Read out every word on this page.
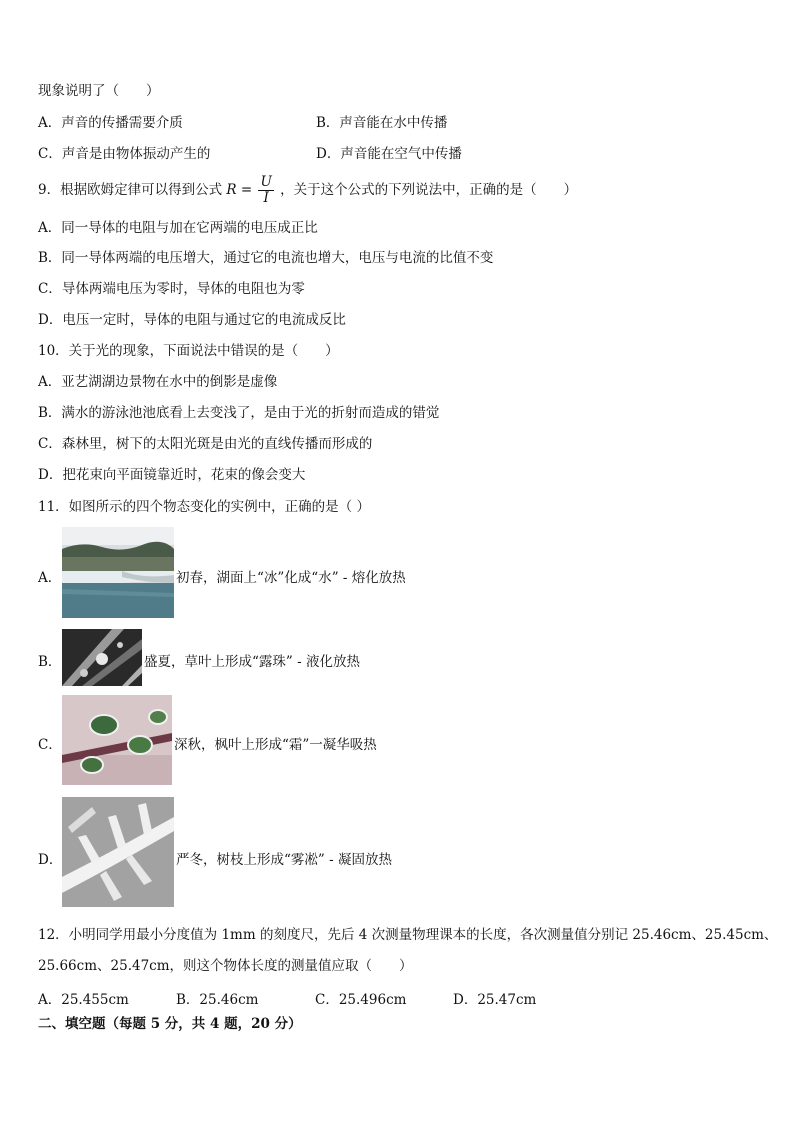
现象说明了（　　）
A．声音的传播需要介质	B．声音能在水中传播
C．声音是由物体振动产生的	D．声音能在空气中传播
9．根据欧姆定律可以得到公式 $R = \frac{U}{I}$ ，关于这个公式的下列说法中，正确的是（　　）
A．同一导体的电阻与加在它两端的电压成正比
B．同一导体两端的电压增大，通过它的电流也增大，电压与电流的比值不变
C．导体两端电压为零时，导体的电阻也为零
D．电压一定时，导体的电阻与通过它的电流成反比
10．关于光的现象，下面说法中错误的是（　　）
A．亚艺湖湖边景物在水中的倒影是虚像
B．满水的游泳池池底看上去变浅了，是由于光的折射而造成的错觉
C．森林里，树下的太阳光斑是由光的直线传播而形成的
D．把花束向平面镜靠近时，花束的像会变大
11．如图所示的四个物态变化的实例中，正确的是（ ）
A．	初春，湖面上“冰”化成“水” - 熔化放热
B．	盛夏，草叶上形成“露珠” - 液化放热
C．	深秋，枫叶上形成“霜”一凝华吸热
D．	严冬，树枝上形成“雾凇” - 凝固放热
12．小明同学用最小分度值为 1mm 的刻度尺，先后 4 次测量物理课本的长度，各次测量值分别记 25.46cm、25.45cm、
25.66cm、25.47cm，则这个物体长度的测量值应取（　　）
A．25.455cm	B．25.46cm	C．25.496cm	D．25.47cm
二、填空题（每题 5 分，共 4 题，20 分）
